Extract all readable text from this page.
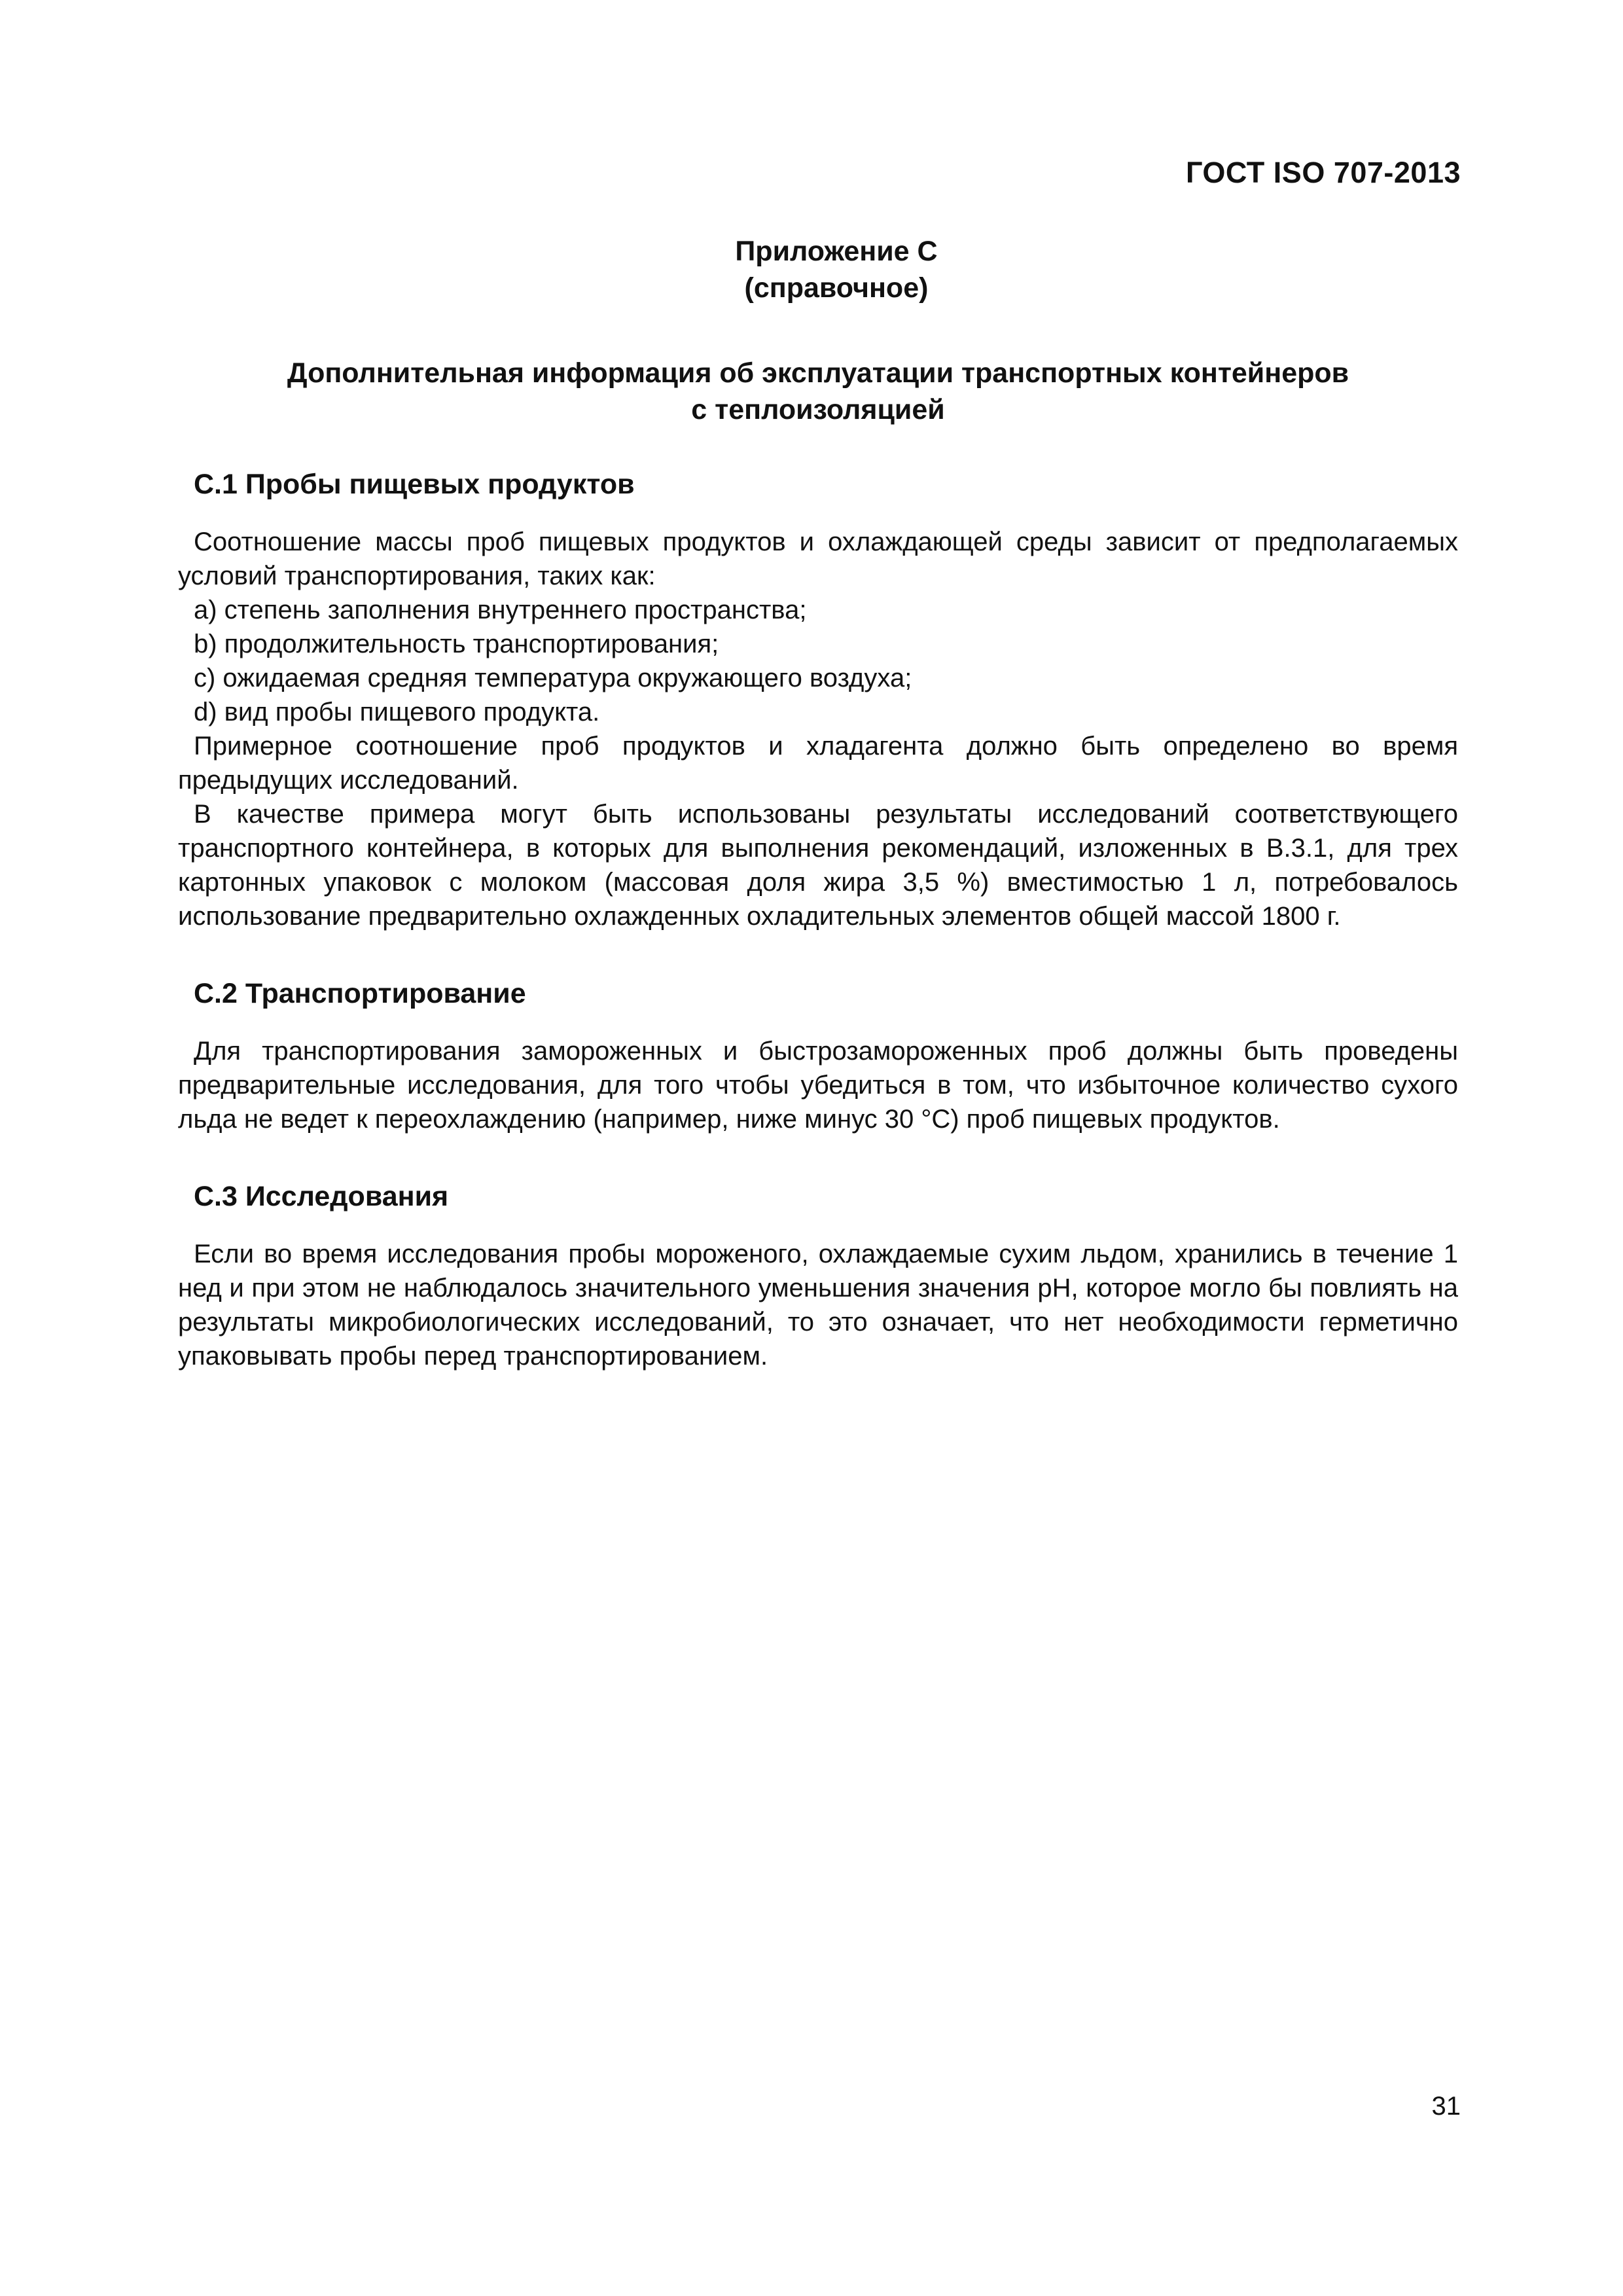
ГОСТ ISO 707-2013

Приложение С

(справочное)

Дополнительная информация об эксплуатации транспортных контейнеров

с теплоизоляцией

С.1 Пробы пищевых продуктов

Соотношение массы проб пищевых продуктов и охлаждающей среды зависит от предполагаемых условий транспортирования, таких как:

a) степень заполнения внутреннего пространства;

b) продолжительность транспортирования;

c) ожидаемая средняя температура окружающего воздуха;

d) вид пробы пищевого продукта.

Примерное соотношение проб продуктов и хладагента должно быть определено во время предыдущих исследований.

В качестве примера могут быть использованы результаты исследований соответствующего транспортного контейнера, в которых для выполнения рекомендаций, изложенных в В.3.1, для трех картонных упаковок с молоком (массовая доля жира 3,5 %) вместимостью 1 л, потребовалось использование предварительно охлажденных охладительных элементов общей массой 1800 г.

С.2 Транспортирование

Для транспортирования замороженных и быстрозамороженных проб должны быть проведены предварительные исследования, для того чтобы убедиться в том, что избыточное количество сухого льда не ведет к переохлаждению (например, ниже минус 30 °С) проб пищевых продуктов.

С.3 Исследования

Если во время исследования пробы мороженого, охлаждаемые сухим льдом, хранились в течение 1 нед и при этом не наблюдалось значительного уменьшения значения pH, которое могло бы повлиять на результаты микробиологических исследований, то это означает, что нет необходимости герметично упаковывать пробы перед транспортированием.

31
